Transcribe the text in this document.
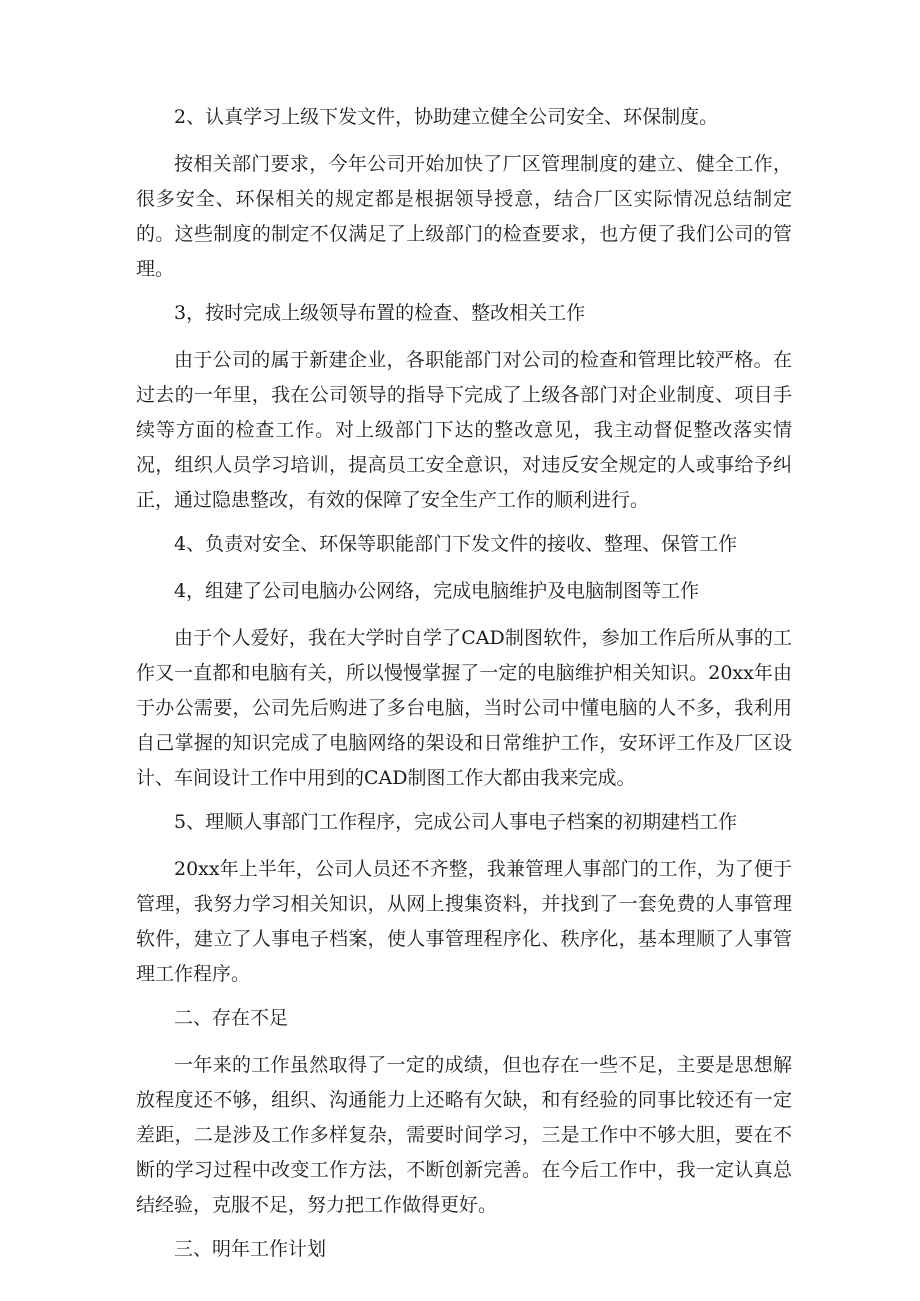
2、认真学习上级下发文件，协助建立健全公司安全、环保制度。

按相关部门要求，今年公司开始加快了厂区管理制度的建立、健全工作，很多安全、环保相关的规定都是根据领导授意，结合厂区实际情况总结制定的。这些制度的制定不仅满足了上级部门的检查要求，也方便了我们公司的管理。

3，按时完成上级领导布置的检查、整改相关工作

由于公司的属于新建企业，各职能部门对公司的检查和管理比较严格。在过去的一年里，我在公司领导的指导下完成了上级各部门对企业制度、项目手续等方面的检查工作。对上级部门下达的整改意见，我主动督促整改落实情况，组织人员学习培训，提高员工安全意识，对违反安全规定的人或事给予纠正，通过隐患整改，有效的保障了安全生产工作的顺利进行。

4、负责对安全、环保等职能部门下发文件的接收、整理、保管工作

4，组建了公司电脑办公网络，完成电脑维护及电脑制图等工作

由于个人爱好，我在大学时自学了CAD制图软件，参加工作后所从事的工作又一直都和电脑有关，所以慢慢掌握了一定的电脑维护相关知识。20xx年由于办公需要，公司先后购进了多台电脑，当时公司中懂电脑的人不多，我利用自己掌握的知识完成了电脑网络的架设和日常维护工作，安环评工作及厂区设计、车间设计工作中用到的CAD制图工作大都由我来完成。

5、理顺人事部门工作程序，完成公司人事电子档案的初期建档工作

20xx年上半年，公司人员还不齐整，我兼管理人事部门的工作，为了便于管理，我努力学习相关知识，从网上搜集资料，并找到了一套免费的人事管理软件，建立了人事电子档案，使人事管理程序化、秩序化，基本理顺了人事管理工作程序。

二、存在不足

一年来的工作虽然取得了一定的成绩，但也存在一些不足，主要是思想解放程度还不够，组织、沟通能力上还略有欠缺，和有经验的同事比较还有一定差距，二是涉及工作多样复杂，需要时间学习，三是工作中不够大胆，要在不断的学习过程中改变工作方法，不断创新完善。在今后工作中，我一定认真总结经验，克服不足，努力把工作做得更好。

三、明年工作计划
